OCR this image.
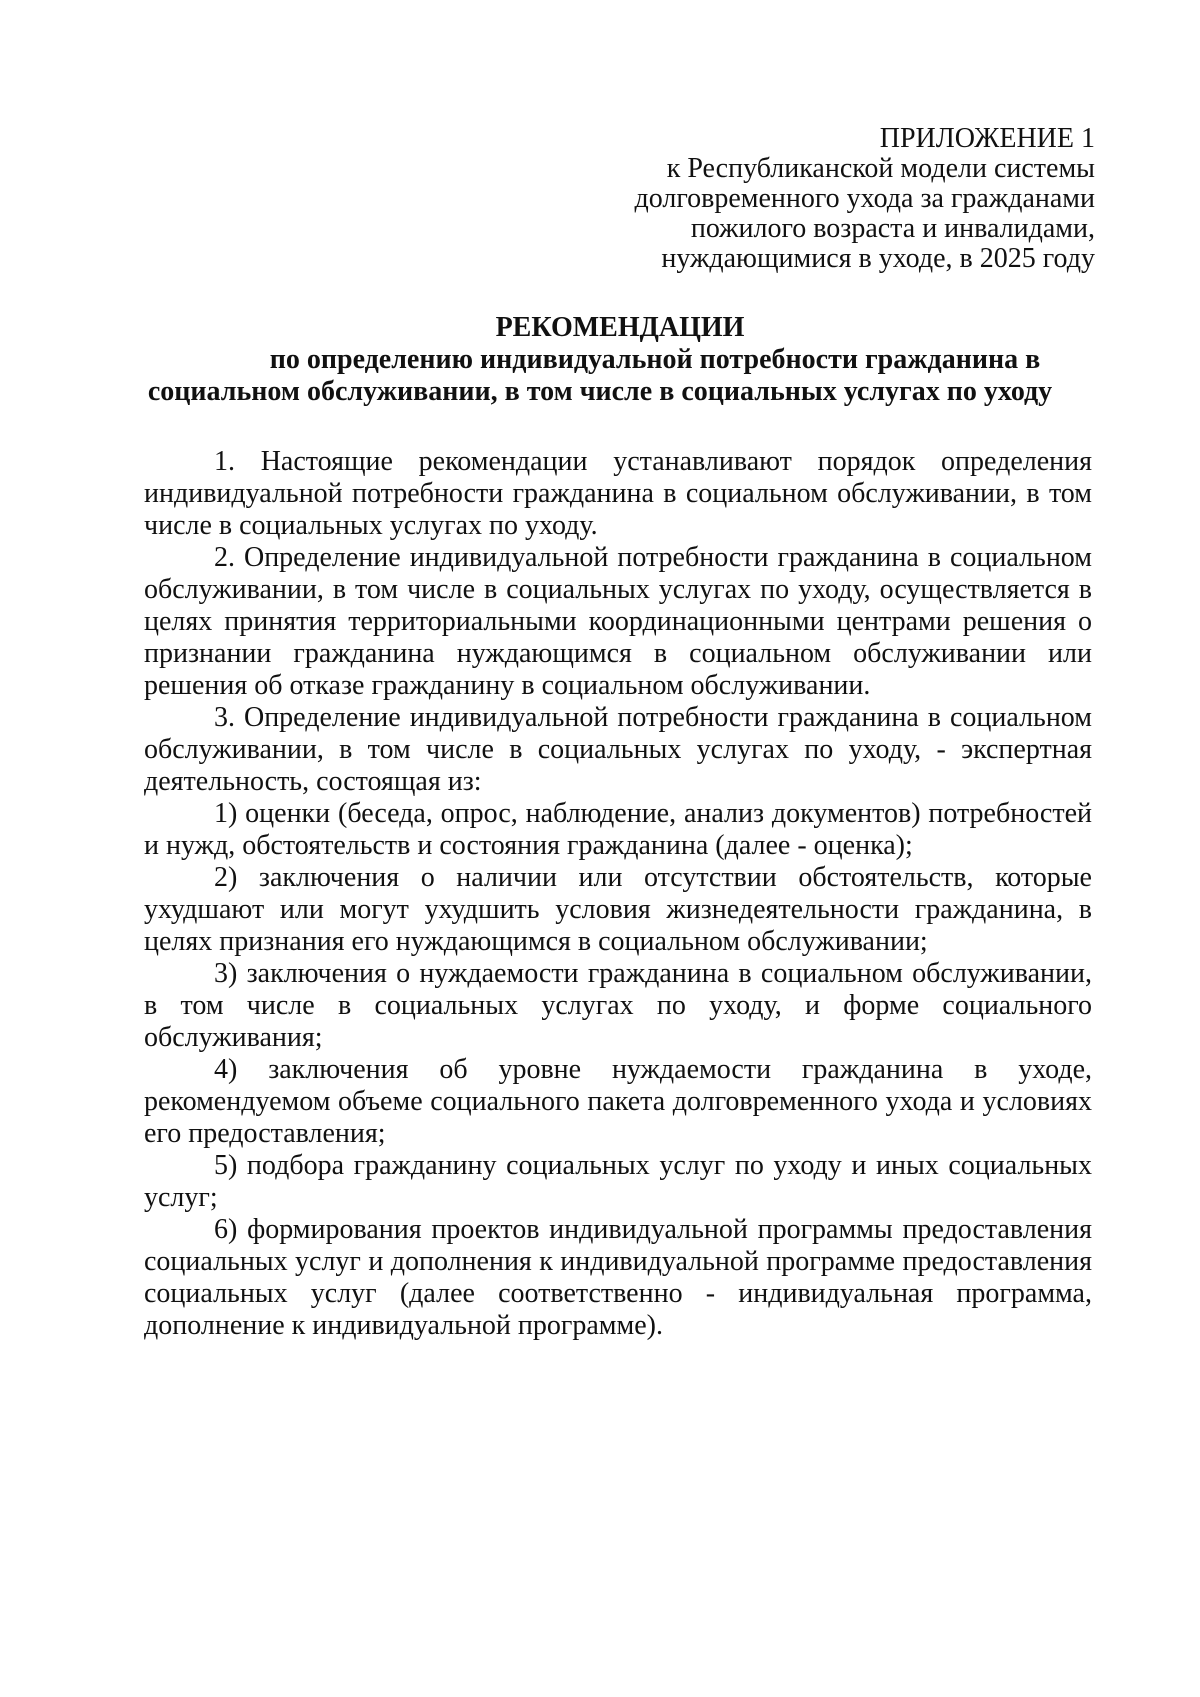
ПРИЛОЖЕНИЕ 1
к Республиканской модели системы
долговременного ухода за гражданами
пожилого возраста и инвалидами,
нуждающимися в уходе, в 2025 году
РЕКОМЕНДАЦИИ
по определению индивидуальной потребности гражданина в
социальном обслуживании, в том числе в социальных услугах по уходу

1. Настоящие рекомендации устанавливают порядок определения индивидуальной потребности гражданина в социальном обслуживании, в том числе в социальных услугах по уходу.

2. Определение индивидуальной потребности гражданина в социальном обслуживании, в том числе в социальных услугах по уходу, осуществляется в целях принятия территориальными координационными центрами решения о признании гражданина нуждающимся в социальном обслуживании или решения об отказе гражданину в социальном обслуживании.

3. Определение индивидуальной потребности гражданина в социальном обслуживании, в том числе в социальных услугах по уходу, - экспертная деятельность, состоящая из:

1) оценки (беседа, опрос, наблюдение, анализ документов) потребностей и нужд, обстоятельств и состояния гражданина (далее - оценка);

2) заключения о наличии или отсутствии обстоятельств, которые ухудшают или могут ухудшить условия жизнедеятельности гражданина, в целях признания его нуждающимся в социальном обслуживании;

3) заключения о нуждаемости гражданина в социальном обслуживании, в том числе в социальных услугах по уходу, и форме социального обслуживания;

4) заключения об уровне нуждаемости гражданина в уходе, рекомендуемом объеме социального пакета долговременного ухода и условиях его предоставления;

5) подбора гражданину социальных услуг по уходу и иных социальных услуг;

6) формирования проектов индивидуальной программы предоставления социальных услуг и дополнения к индивидуальной программе предоставления социальных услуг (далее соответственно - индивидуальная программа, дополнение к индивидуальной программе).
